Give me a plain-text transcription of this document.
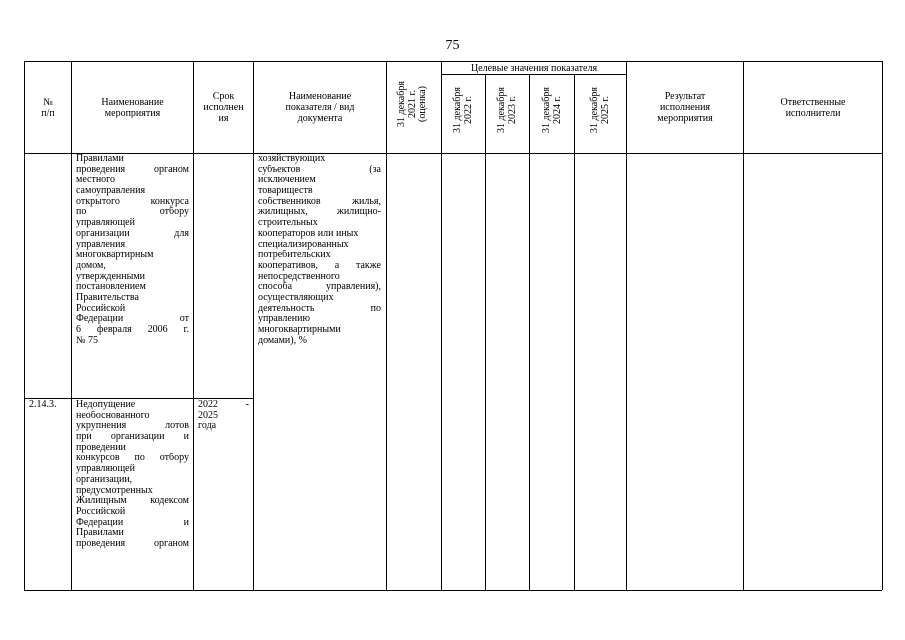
75
№
п/п
Наименование
мероприятия
Срок
исполнен
ия
Наименование
показателя / вид
документа
Целевые значения показателя
Результат
исполнения
мероприятия
Ответственные
исполнители
31 декабря 2021 г. (оценка) 31 декабря 2022 г. 31 декабря 2023 г. 31 декабря 2024 г.	31 декабря 2025 г.
Правилами
проведения органом
местного
самоуправления
открытого конкурса
по отбору
управляющей
организации для
управления
многоквартирным
домом,
утвержденными
постановлением
Правительства
Российской
Федерации от
6 февраля 2006 г.
№ 75
хозяйствующих
субъектов (за
исключением
товариществ
собственников жилья,
жилищных, жилищно-
строительных
кооператоров или иных
специализированных
потребительских
кооперативов, а также
непосредственного
способа управления),
осуществляющих
деятельность по
управлению
многоквартирными
домами), %
2.14.3.	2022 -
2025
года
Недопущение
необоснованного
укрупнения лотов
при организации и
проведении
конкурсов по отбору
управляющей
организации,
предусмотренных
Жилищным кодексом
Российской
Федерации и
Правилами
проведения органом
